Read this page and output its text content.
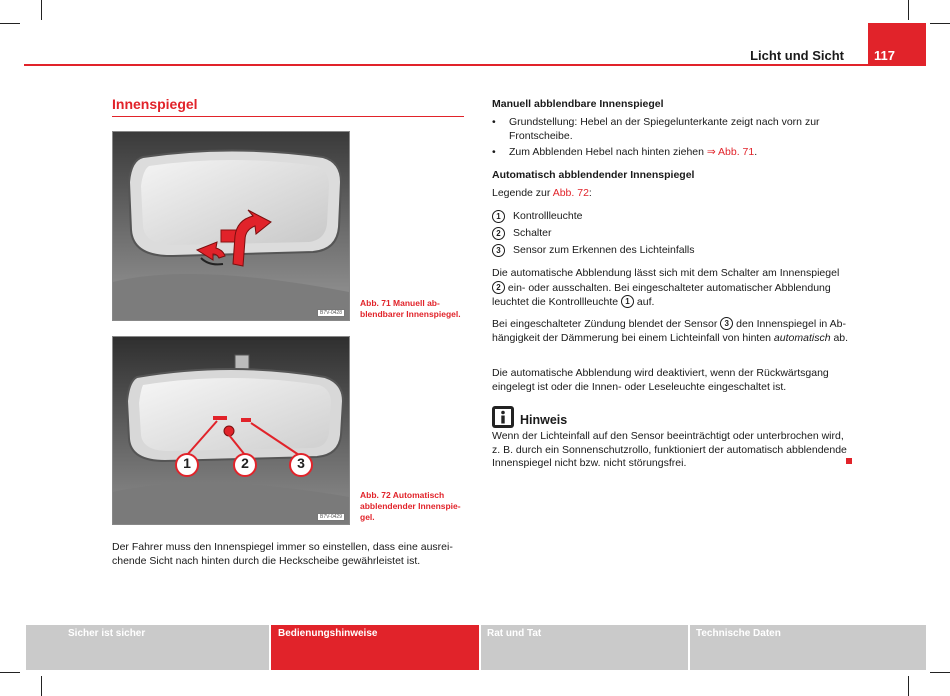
Licht und Sicht	117
Innenspiegel
B7V-0428
Abb. 71 Manuell abblendbarer Innenspiegel.
1	2	3
B7V-0429
Abb. 72 Automatisch abblendender Innenspiegel.
Der Fahrer muss den Innenspiegel immer so einstellen, dass eine ausreichende Sicht nach hinten durch die Heckscheibe gewährleistet ist.
Manuell abblendbare Innenspiegel
• Grundstellung: Hebel an der Spiegelunterkante zeigt nach vorn zur Frontscheibe.
• Zum Abblenden Hebel nach hinten ziehen ⇒ Abb. 71.
Automatisch abblendender Innenspiegel
Legende zur Abb. 72:
1 Kontrollleuchte
2 Schalter
3 Sensor zum Erkennen des Lichteinfalls
Die automatische Abblendung lässt sich mit dem Schalter am Innenspiegel 2 ein- oder ausschalten. Bei eingeschalteter automatischer Abblendung leuchtet die Kontrollleuchte 1 auf.
Bei eingeschalteter Zündung blendet der Sensor 3 den Innenspiegel in Abhängigkeit der Dämmerung bei einem Lichteinfall von hinten automatisch ab.
Die automatische Abblendung wird deaktiviert, wenn der Rückwärtsgang eingelegt ist oder die Innen- oder Leseleuchte eingeschaltet ist.
Hinweis
Wenn der Lichteinfall auf den Sensor beeinträchtigt oder unterbrochen wird, z. B. durch ein Sonnenschutzrollo, funktioniert der automatisch abblendende Innenspiegel nicht bzw. nicht störungsfrei.
Sicher ist sicher	Bedienungshinweise	Rat und Tat	Technische Daten
